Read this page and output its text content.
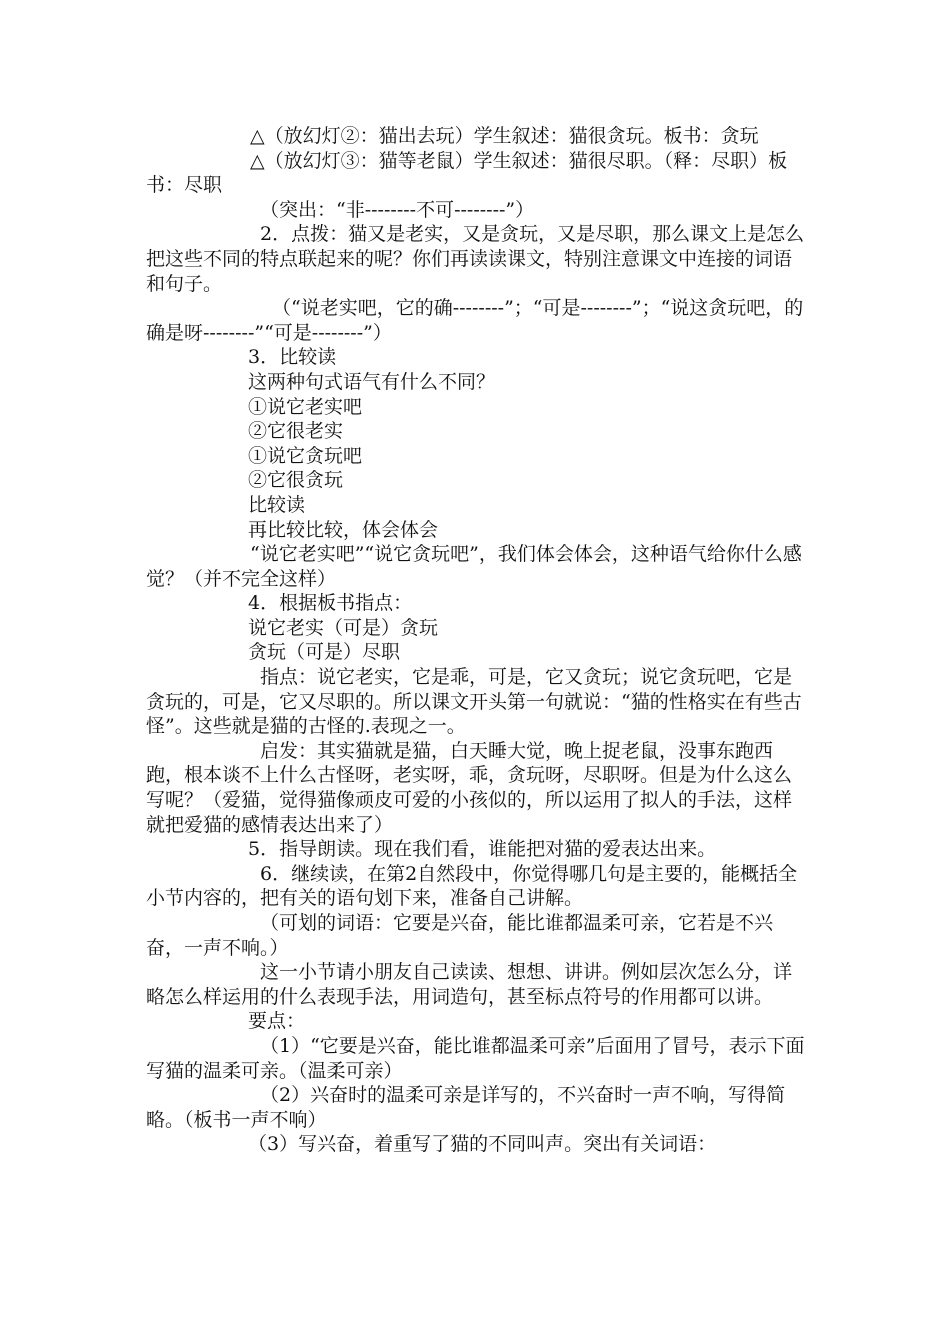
△（放幻灯②：猫出去玩）学生叙述：猫很贪玩。板书：贪玩

△（放幻灯③：猫等老鼠）学生叙述：猫很尽职。（释：尽职）板书：尽职

（突出：“非--------不可--------”）

2．点拨：猫又是老实，又是贪玩，又是尽职，那么课文上是怎么把这些不同的特点联起来的呢？你们再读读课文，特别注意课文中连接的词语和句子。

（“说老实吧，它的确--------”；“可是--------”；“说这贪玩吧，的确是呀--------”“可是--------”）

3．比较读

这两种句式语气有什么不同？

①说它老实吧

②它很老实

①说它贪玩吧

②它很贪玩

比较读

再比较比较，体会体会

“说它老实吧”“说它贪玩吧”，我们体会体会，这种语气给你什么感觉？（并不完全这样）

4．根据板书指点：

说它老实（可是）贪玩

贪玩（可是）尽职

指点：说它老实，它是乖，可是，它又贪玩；说它贪玩吧，它是贪玩的，可是，它又尽职的。所以课文开头第一句就说：“猫的性格实在有些古怪”。这些就是猫的古怪的.表现之一。

启发：其实猫就是猫，白天睡大觉，晚上捉老鼠，没事东跑西跑，根本谈不上什么古怪呀，老实呀，乖，贪玩呀，尽职呀。但是为什么这么写呢？（爱猫，觉得猫像顽皮可爱的小孩似的，所以运用了拟人的手法，这样就把爱猫的感情表达出来了）

5．指导朗读。现在我们看，谁能把对猫的爱表达出来。

6．继续读，在第2自然段中，你觉得哪几句是主要的，能概括全小节内容的，把有关的语句划下来，准备自己讲解。

（可划的词语：它要是兴奋，能比谁都温柔可亲，它若是不兴奋，一声不响。）

这一小节请小朋友自己读读、想想、讲讲。例如层次怎么分，详略怎么样运用的什么表现手法，用词造句，甚至标点符号的作用都可以讲。

要点：

（1）“它要是兴奋，能比谁都温柔可亲”后面用了冒号，表示下面写猫的温柔可亲。（温柔可亲）

（2）兴奋时的温柔可亲是详写的，不兴奋时一声不响，写得简略。（板书一声不响）

（3）写兴奋，着重写了猫的不同叫声。突出有关词语：
